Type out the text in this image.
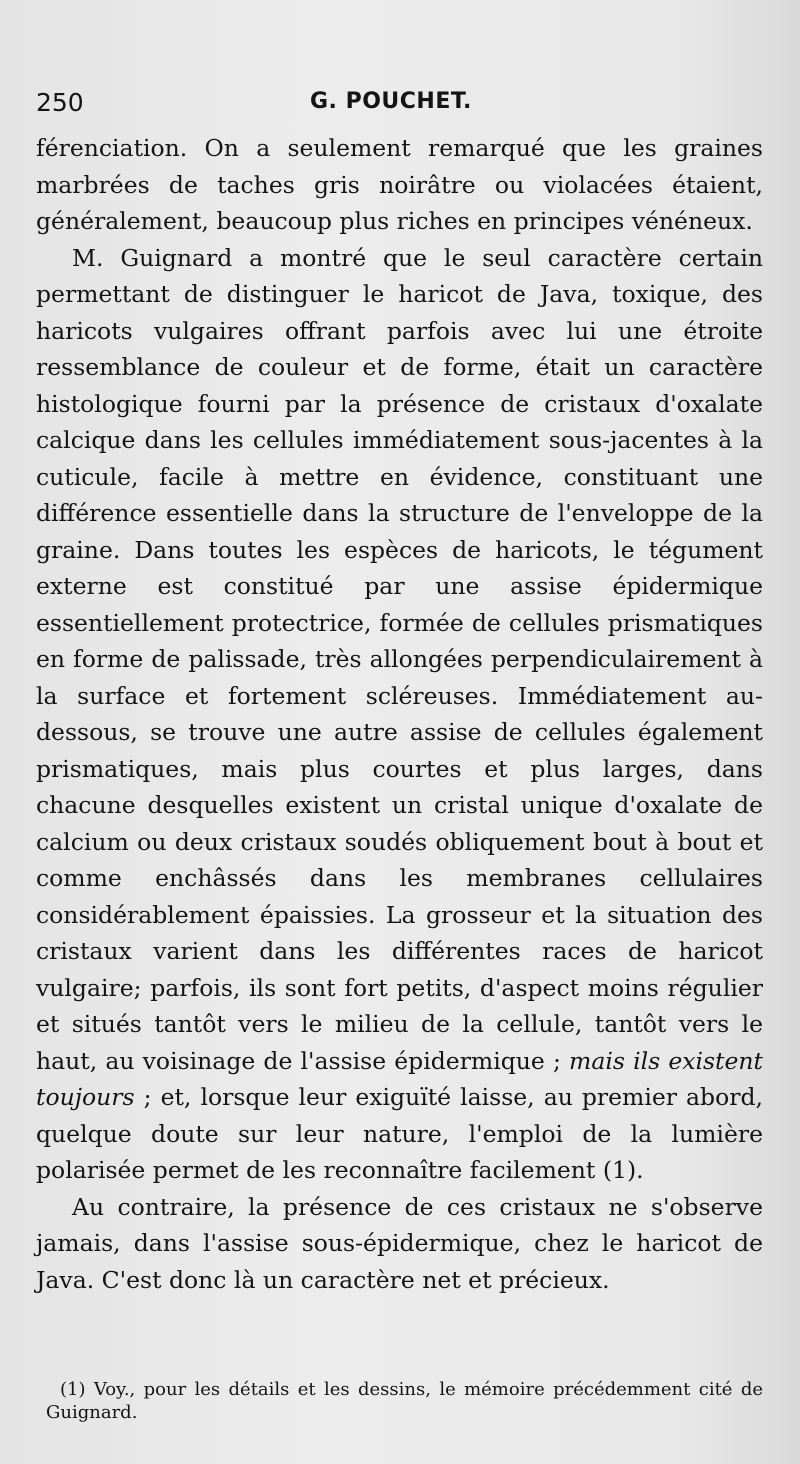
250	G. POUCHET.

férenciation. On a seulement remarqué que les graines marbrées de taches gris noirâtre ou violacées étaient, généralement, beaucoup plus riches en principes vénéneux.

M. Guignard a montré que le seul caractère certain permettant de distinguer le haricot de Java, toxique, des haricots vulgaires offrant parfois avec lui une étroite ressemblance de couleur et de forme, était un caractère histologique fourni par la présence de cristaux d'oxalate calcique dans les cellules immédiatement sous-jacentes à la cuticule, facile à mettre en évidence, constituant une différence essentielle dans la structure de l'enveloppe de la graine. Dans toutes les espèces de haricots, le tégument externe est constitué par une assise épidermique essentiellement protectrice, formée de cellules prismatiques en forme de palissade, très allongées perpendiculairement à la surface et fortement scléreuses. Immédiatement au-dessous, se trouve une autre assise de cellules également prismatiques, mais plus courtes et plus larges, dans chacune desquelles existent un cristal unique d'oxalate de calcium ou deux cristaux soudés obliquement bout à bout et comme enchâssés dans les membranes cellulaires considérablement épaissies. La grosseur et la situation des cristaux varient dans les différentes races de haricot vulgaire; parfois, ils sont fort petits, d'aspect moins régulier et situés tantôt vers le milieu de la cellule, tantôt vers le haut, au voisinage de l'assise épidermique ; mais ils existent toujours ; et, lorsque leur exiguïté laisse, au premier abord, quelque doute sur leur nature, l'emploi de la lumière polarisée permet de les reconnaître facilement (1).

Au contraire, la présence de ces cristaux ne s'observe jamais, dans l'assise sous-épidermique, chez le haricot de Java. C'est donc là un caractère net et précieux.

(1) Voy., pour les détails et les dessins, le mémoire précédemment cité de Guignard.
